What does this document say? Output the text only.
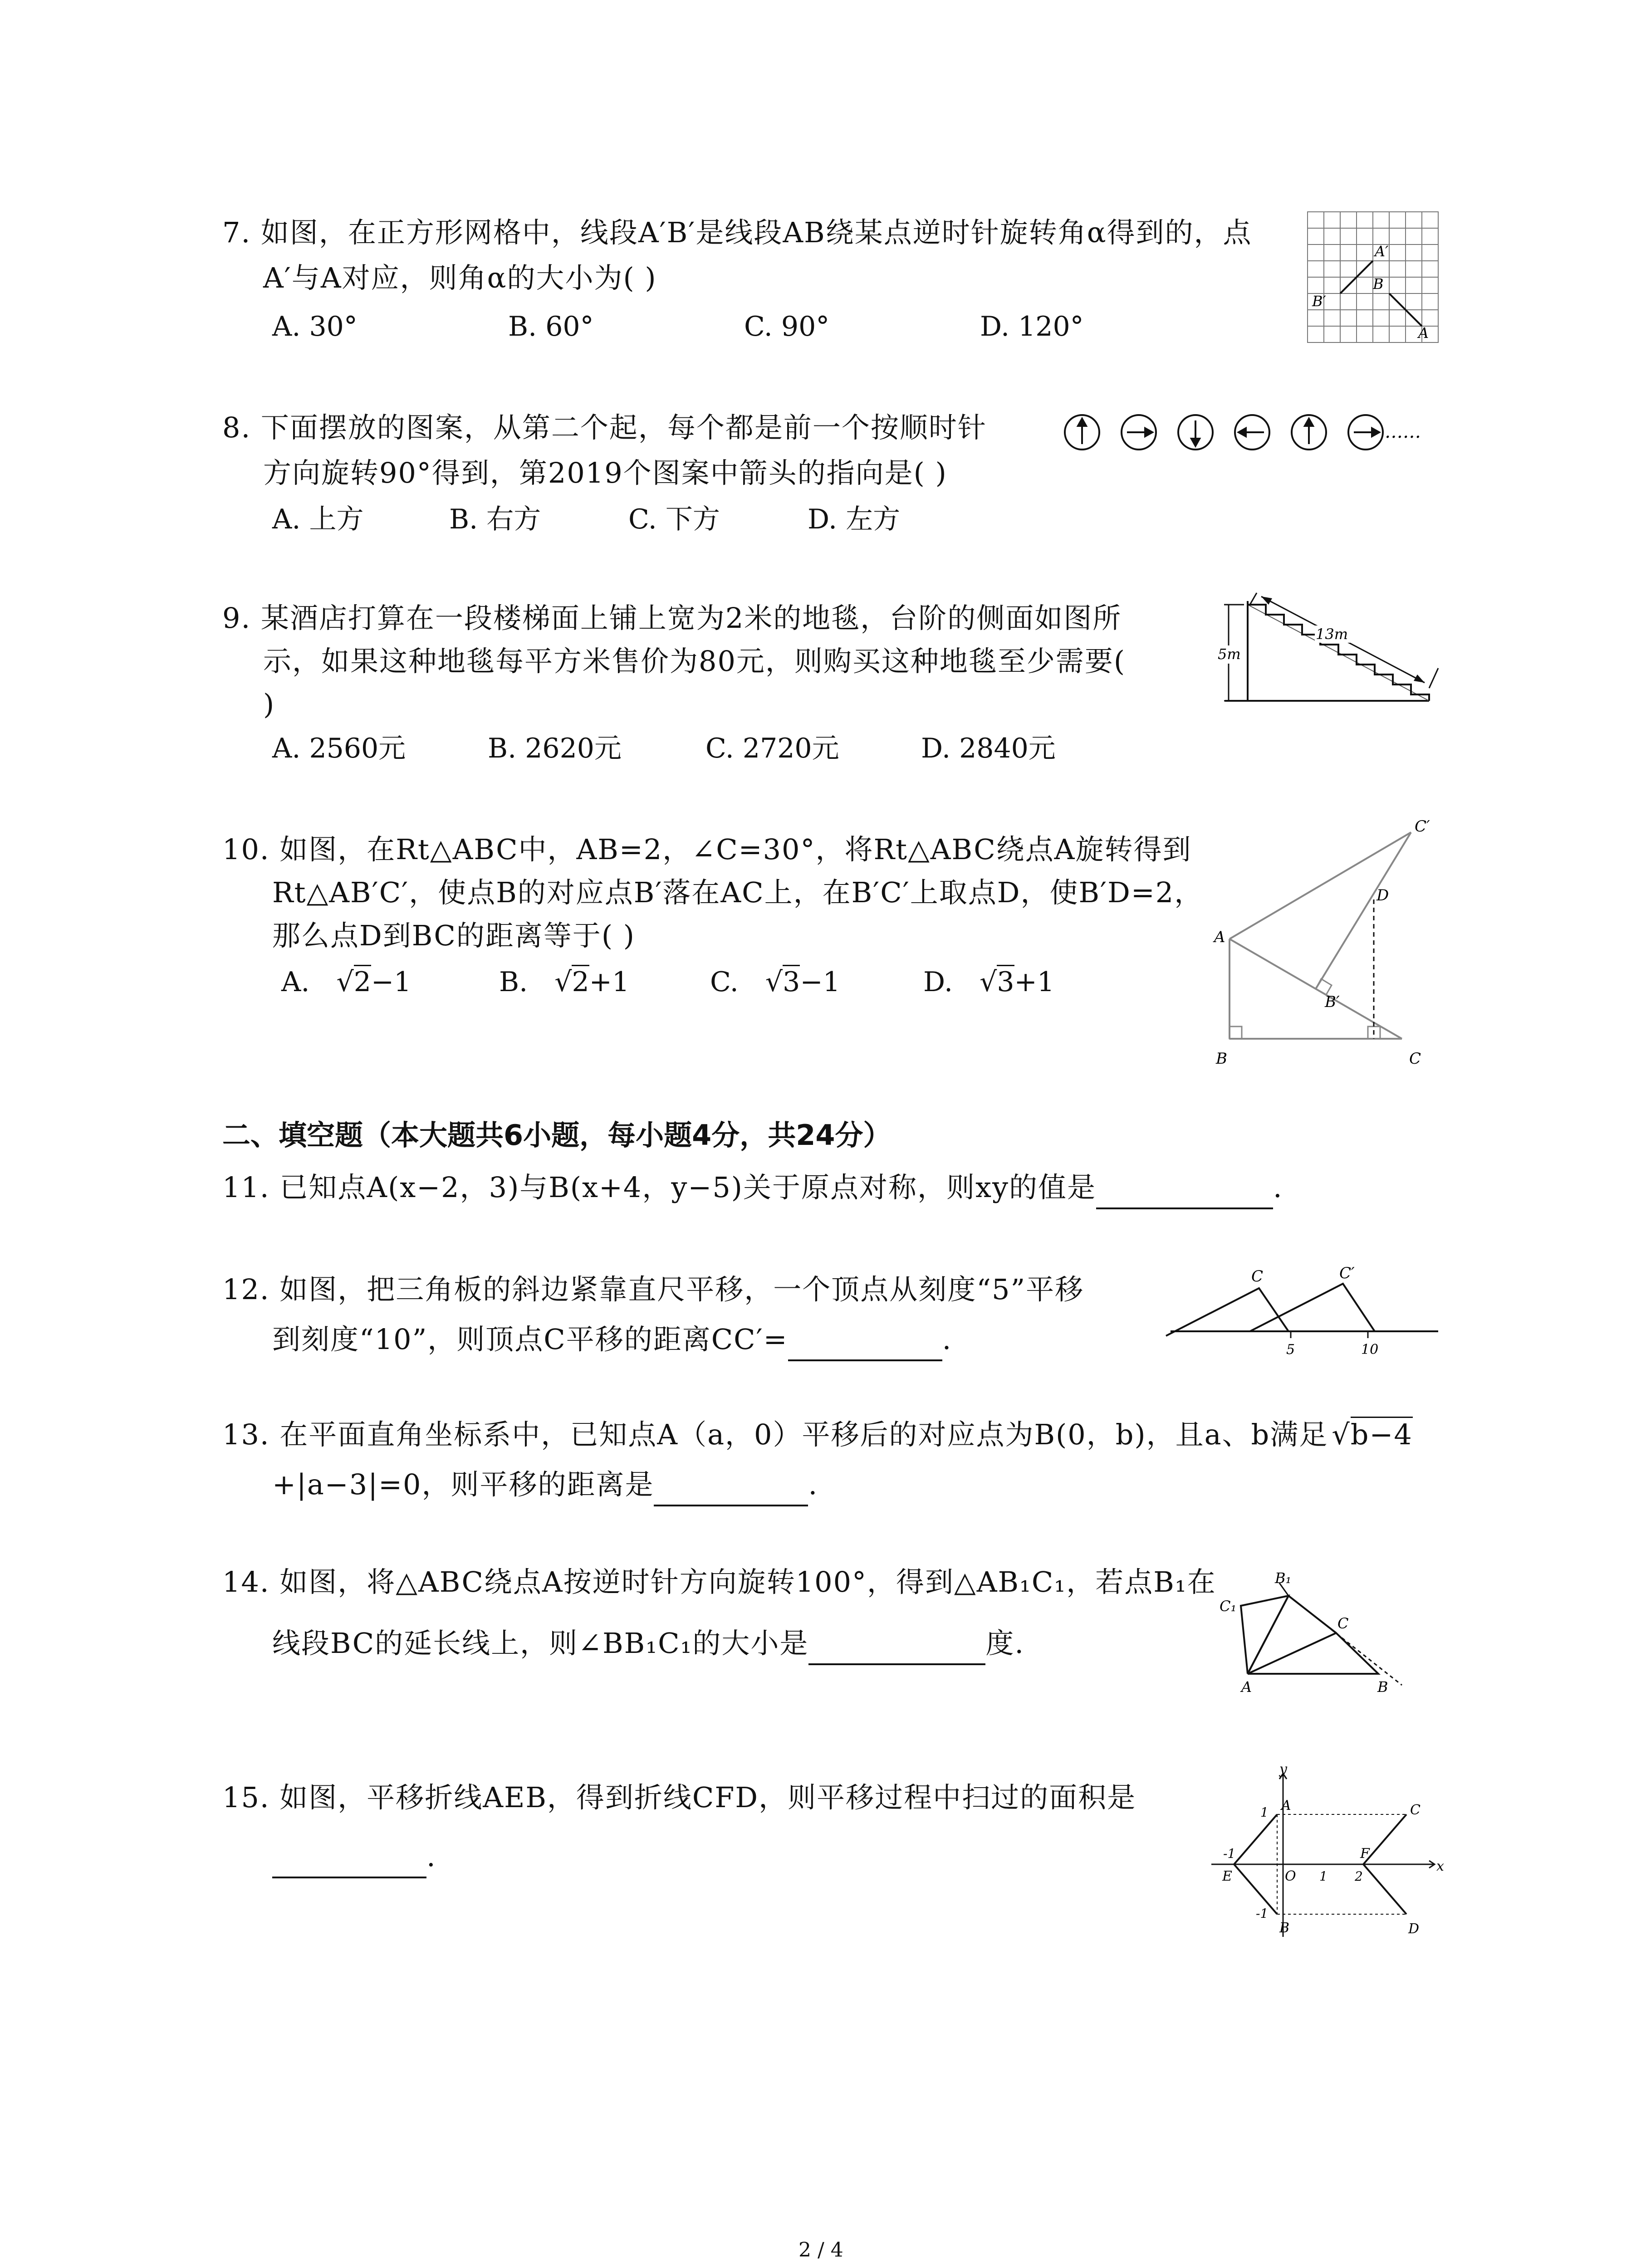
7. 如图，在正方形网格中，线段A′B′是线段AB绕某点逆时针旋转角α得到的，点
A′与A对应，则角α的大小为( )
A. 30°	B. 60°	C. 90°	D. 120°
A′
B
B′
A
8. 下面摆放的图案，从第二个起，每个都是前一个按顺时针
方向旋转90°得到，第2019个图案中箭头的指向是( )
A. 上方	B. 右方	C. 下方	D. 左方
……
9. 某酒店打算在一段楼梯面上铺上宽为2米的地毯，台阶的侧面如图所
示，如果这种地毯每平方米售价为80元，则购买这种地毯至少需要(
)
A. 2560元	B. 2620元	C. 2720元	D. 2840元
5m
13m
10. 如图，在Rt△ABC中，AB=2，∠C=30°，将Rt△ABC绕点A旋转得到
Rt△AB′C′，使点B的对应点B′落在AC上，在B′C′上取点D，使B′D=2，
那么点D到BC的距离等于( )
A. √2−1	B. √2+1	C. √3−1	D. √3+1
C′
D
A
B′
B	C
二、填空题（本大题共6小题，每小题4分，共24分）
11. 已知点A(x−2，3)与B(x+4，y−5)关于原点对称，则xy的值是	.
12. 如图，把三角板的斜边紧靠直尺平移，一个顶点从刻度“5”平移
到刻度“10”，则顶点C平移的距离CC′=	.
C	C′
5	10
13. 在平面直角坐标系中，已知点A（a，0）平移后的对应点为B(0，b)，且a、b满足 √b−4
+|a−3|=0，则平移的距离是	.
14. 如图，将△ABC绕点A按逆时针方向旋转100°，得到△AB₁C₁，若点B₁在
线段BC的延长线上，则∠BB₁C₁的大小是	度.
B₁
C₁
C
A	B
15. 如图，平移折线AEB，得到折线CFD，则平移过程中扫过的面积是
.
y
x
1 A	C
-1
E	O 1
F
2
-1
B	D
2 / 4
